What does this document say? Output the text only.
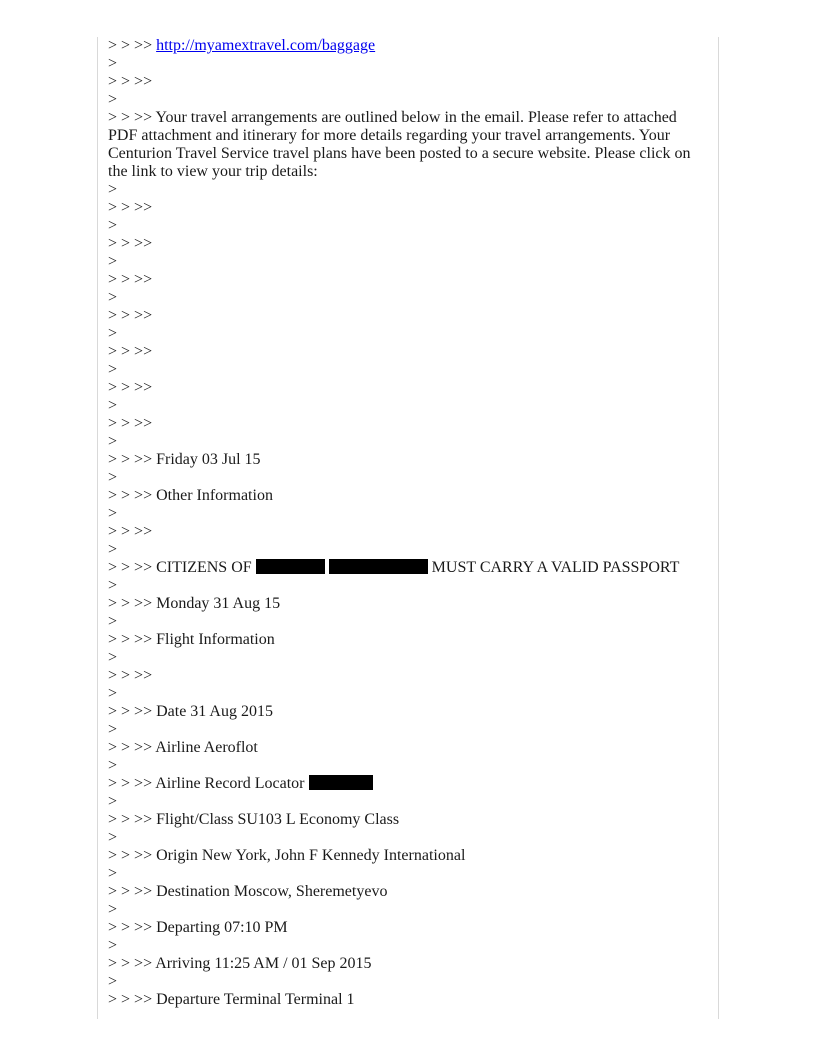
> > >> http://myamextravel.com/baggage
>
> > >>
>
> > >> Your travel arrangements are outlined below in the email. Please refer to attached PDF attachment and itinerary for more details regarding your travel arrangements. Your Centurion Travel Service travel plans have been posted to a secure website. Please click on the link to view your trip details:
>
> > >>
>
> > >>
>
> > >>
>
> > >>
>
> > >>
>
> > >>
>
> > >>
>
> > >> Friday 03 Jul 15
>
> > >> Other Information
>
> > >>
>
> > >> CITIZENS OF	MUST CARRY A VALID PASSPORT
>
> > >> Monday 31 Aug 15
>
> > >> Flight Information
>
> > >>
>
> > >> Date 31 Aug 2015
>
> > >> Airline Aeroflot
>
> > >> Airline Record Locator
>
> > >> Flight/Class SU103 L Economy Class
>
> > >> Origin New York, John F Kennedy International
>
> > >> Destination Moscow, Sheremetyevo
>
> > >> Departing 07:10 PM
>
> > >> Arriving 11:25 AM / 01 Sep 2015
>
> > >> Departure Terminal Terminal 1
